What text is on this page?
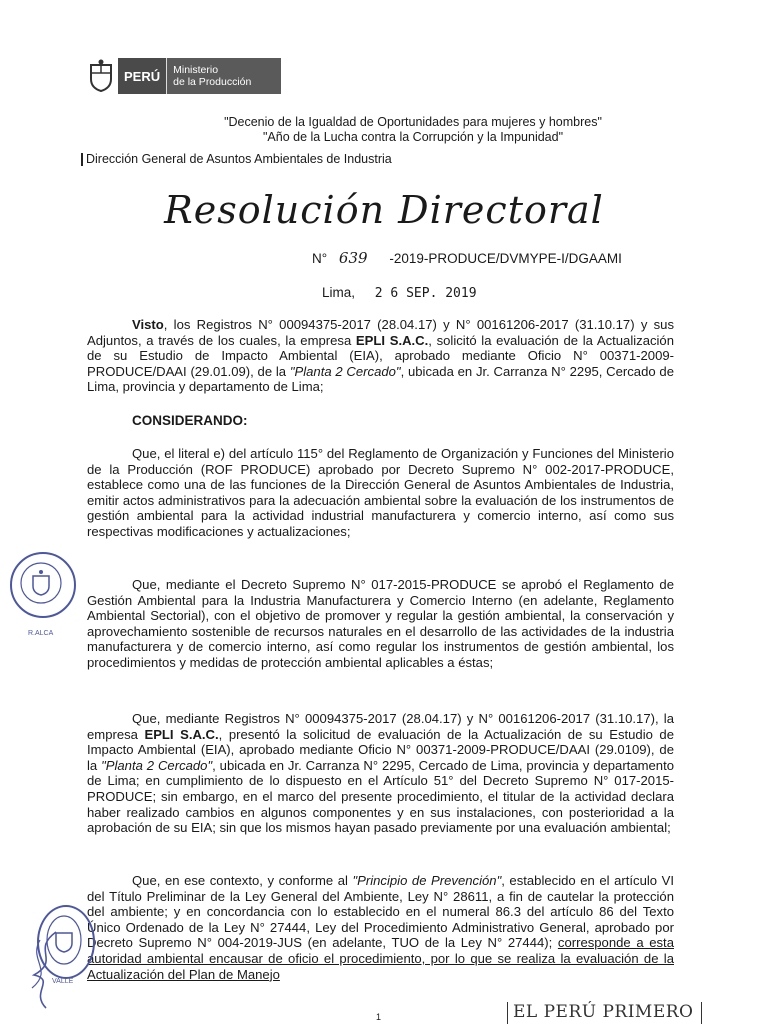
PERÚ	Ministerio
de la Producción
"Decenio de la Igualdad de Oportunidades para mujeres y hombres"
"Año de la Lucha contra la Corrupción y la Impunidad"
Dirección General de Asuntos Ambientales de Industria
Resolución Directoral
N° 639 -2019-PRODUCE/DVMYPE-I/DGAAMI
Lima, 2 6 SEP. 2019
Visto, los Registros N° 00094375-2017 (28.04.17) y N° 00161206-2017 (31.10.17) y sus Adjuntos, a través de los cuales, la empresa EPLI S.A.C., solicitó la evaluación de la Actualización de su Estudio de Impacto Ambiental (EIA), aprobado mediante Oficio N° 00371-2009-PRODUCE/DAAI (29.01.09), de la "Planta 2 Cercado", ubicada en Jr. Carranza N° 2295, Cercado de Lima, provincia y departamento de Lima;
CONSIDERANDO:
Que, el literal e) del artículo 115° del Reglamento de Organización y Funciones del Ministerio de la Producción (ROF PRODUCE) aprobado por Decreto Supremo N° 002-2017-PRODUCE, establece como una de las funciones de la Dirección General de Asuntos Ambientales de Industria, emitir actos administrativos para la adecuación ambiental sobre la evaluación de los instrumentos de gestión ambiental para la actividad industrial manufacturera y comercio interno, así como sus respectivas modificaciones y actualizaciones;
Que, mediante el Decreto Supremo N° 017-2015-PRODUCE se aprobó el Reglamento de Gestión Ambiental para la Industria Manufacturera y Comercio Interno (en adelante, Reglamento Ambiental Sectorial), con el objetivo de promover y regular la gestión ambiental, la conservación y aprovechamiento sostenible de recursos naturales en el desarrollo de las actividades de la industria manufacturera y de comercio interno, así como regular los instrumentos de gestión ambiental, los procedimientos y medidas de protección ambiental aplicables a éstas;
Que, mediante Registros N° 00094375-2017 (28.04.17) y N° 00161206-2017 (31.10.17), la empresa EPLI S.A.C., presentó la solicitud de evaluación de la Actualización de su Estudio de Impacto Ambiental (EIA), aprobado mediante Oficio N° 00371-2009-PRODUCE/DAAI (29.0109), de la "Planta 2 Cercado", ubicada en Jr. Carranza N° 2295, Cercado de Lima, provincia y departamento de Lima; en cumplimiento de lo dispuesto en el Artículo 51° del Decreto Supremo N° 017-2015-PRODUCE; sin embargo, en el marco del presente procedimiento, el titular de la actividad declara haber realizado cambios en algunos componentes y en sus instalaciones, con posterioridad a la aprobación de su EIA; sin que los mismos hayan pasado previamente por una evaluación ambiental;
Que, en ese contexto, y conforme al "Principio de Prevención", establecido en el artículo VI del Título Preliminar de la Ley General del Ambiente, Ley N° 28611, a fin de cautelar la protección del ambiente; y en concordancia con lo establecido en el numeral 86.3 del artículo 86 del Texto Único Ordenado de la Ley N° 27444, Ley del Procedimiento Administrativo General, aprobado por Decreto Supremo N° 004-2019-JUS (en adelante, TUO de la Ley N° 27444); corresponde a esta autoridad ambiental encausar de oficio el procedimiento, por lo que se realiza la evaluación de la Actualización del Plan de Manejo
R.ALCA
VALLE
1	EL PERÚ PRIMERO
